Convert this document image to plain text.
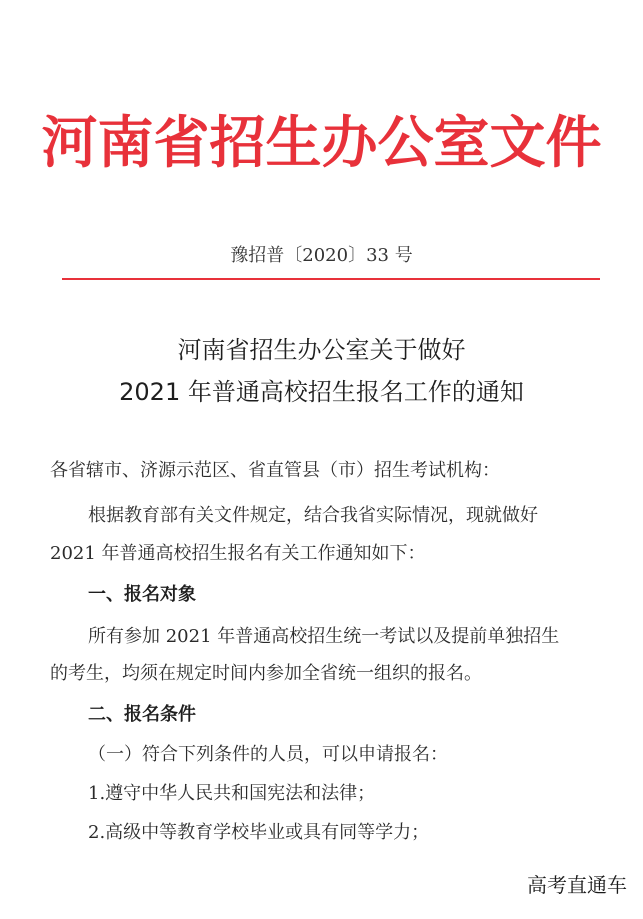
河南省招生办公室文件
豫招普〔2020〕33 号
河南省招生办公室关于做好
2021 年普通高校招生报名工作的通知
各省辖市、济源示范区、省直管县（市）招生考试机构：
根据教育部有关文件规定，结合我省实际情况，现就做好
2021 年普通高校招生报名有关工作通知如下：
一、报名对象
所有参加 2021 年普通高校招生统一考试以及提前单独招生
的考生，均须在规定时间内参加全省统一组织的报名。
二、报名条件
（一）符合下列条件的人员，可以申请报名：
1.遵守中华人民共和国宪法和法律；
2.高级中等教育学校毕业或具有同等学力；
高考直通车
